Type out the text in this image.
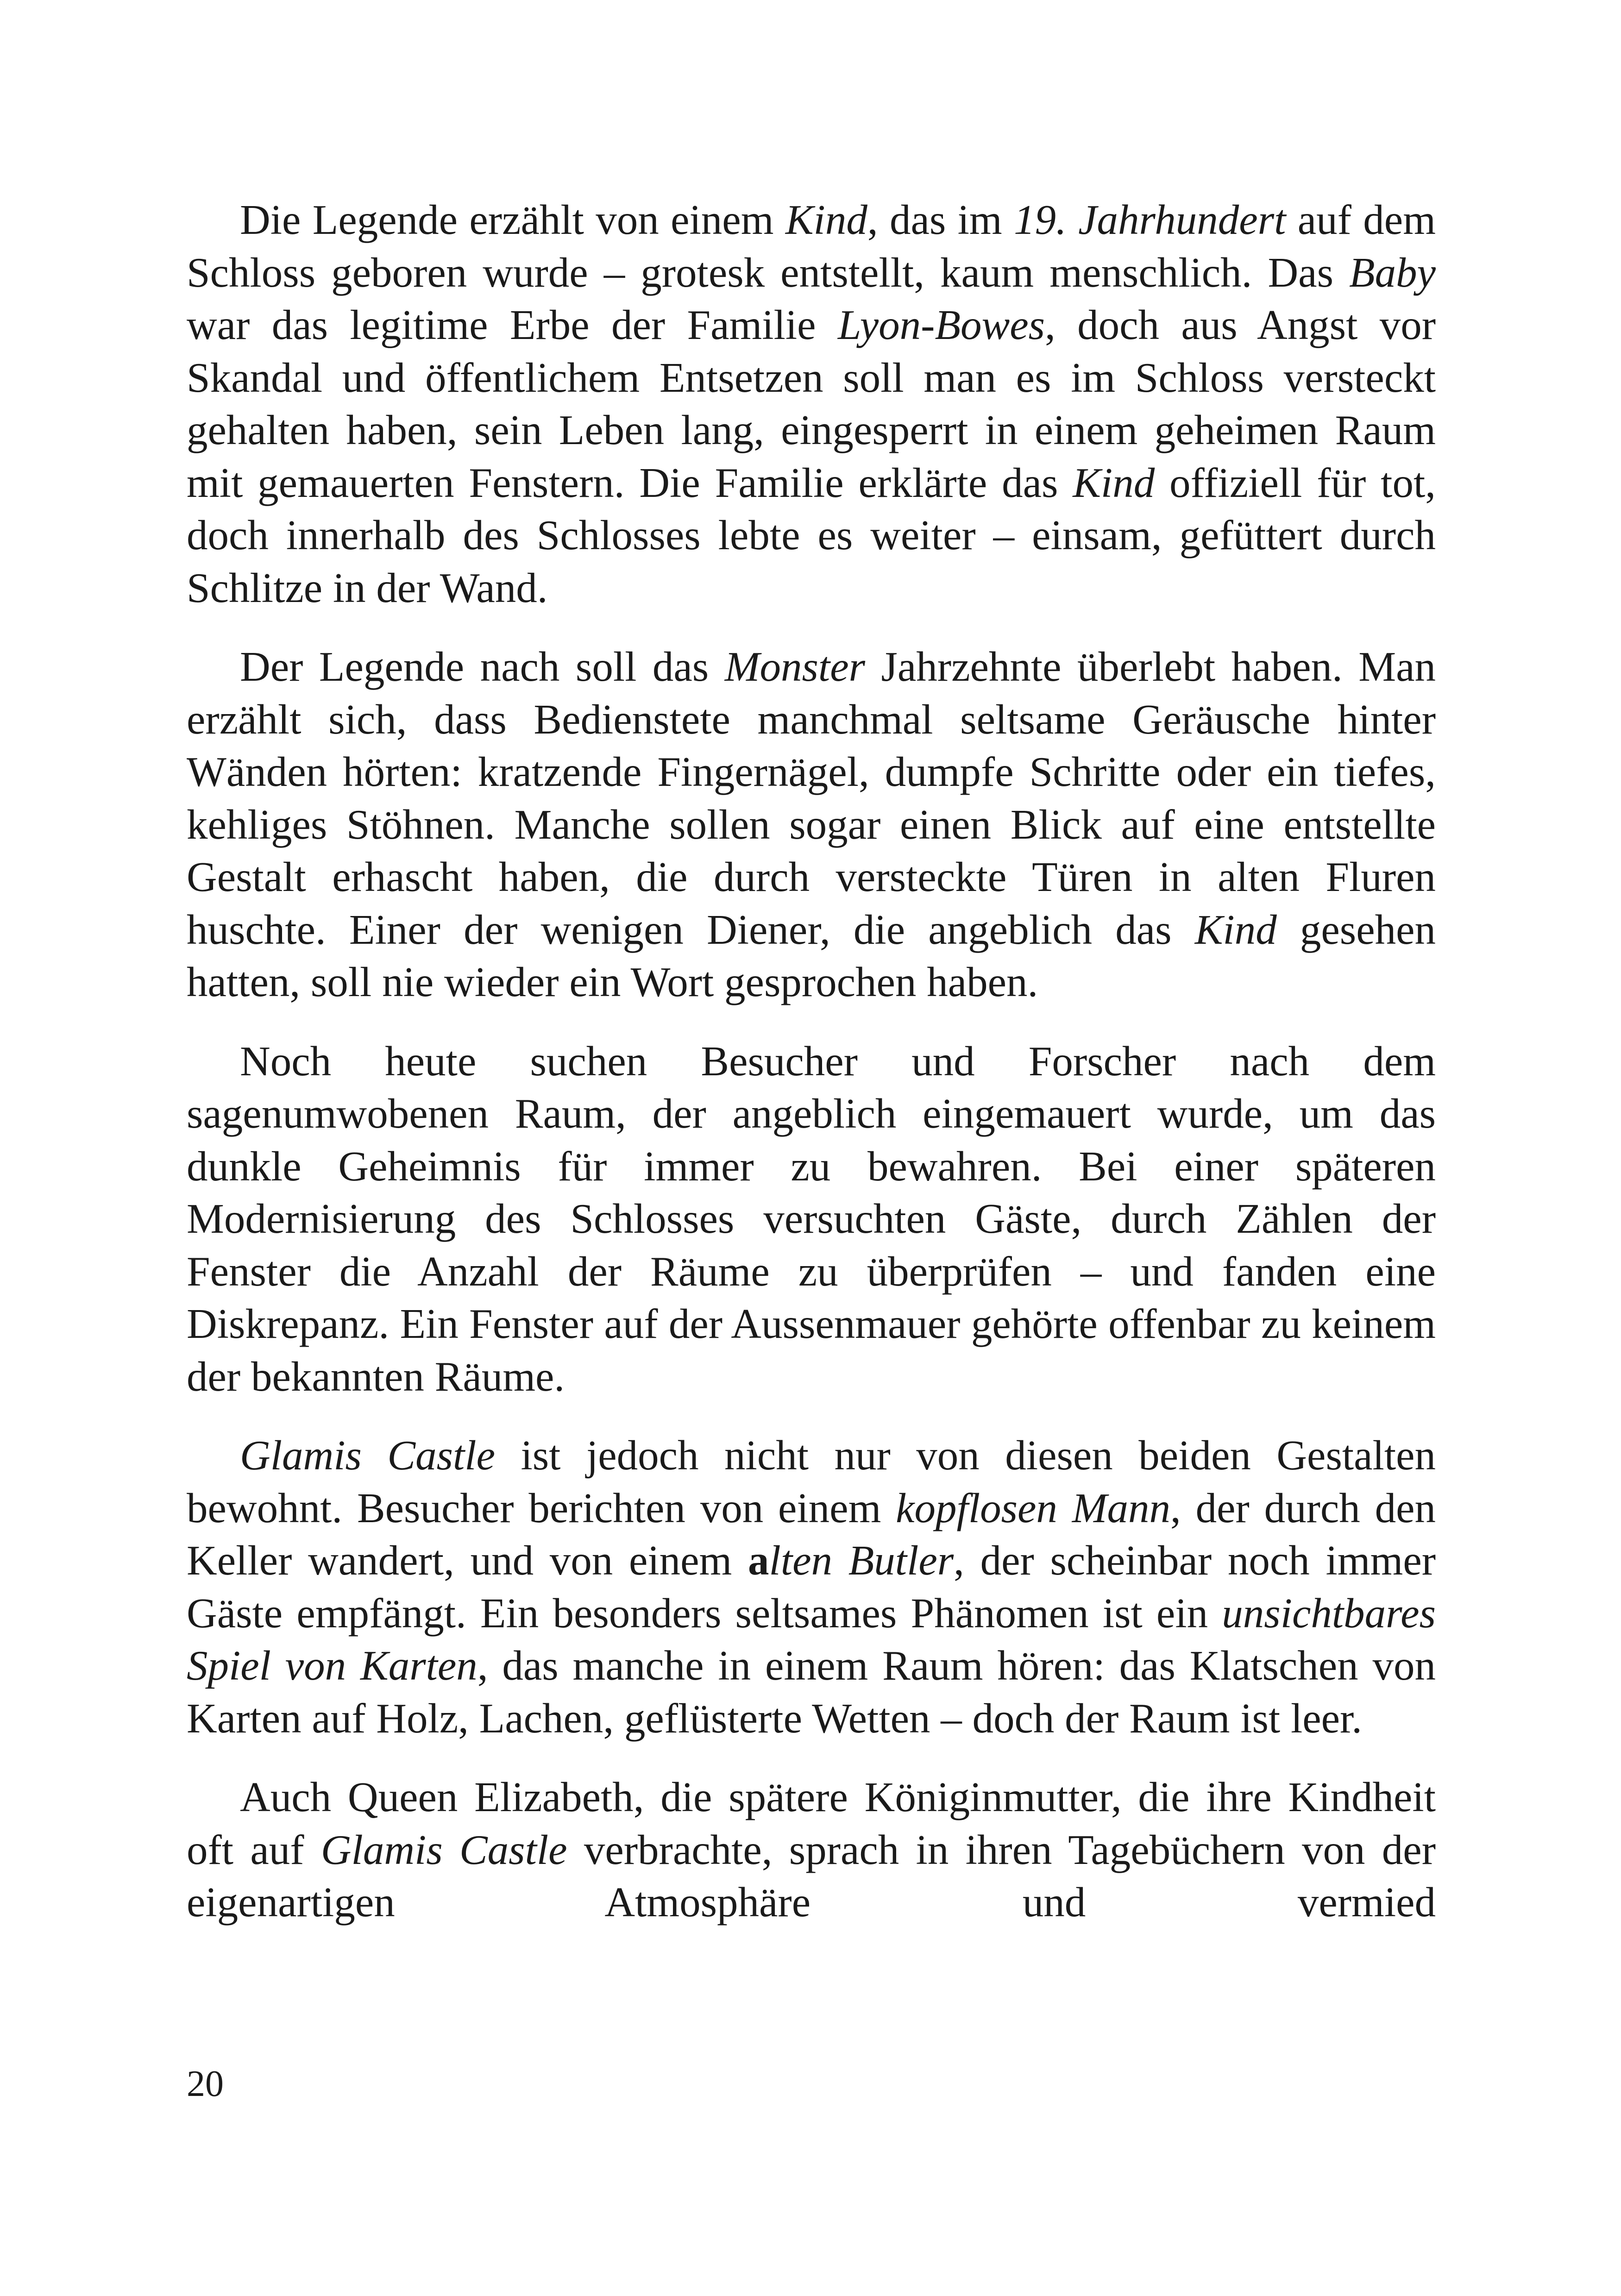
Die Legende erzählt von einem Kind, das im 19. Jahrhundert auf dem Schloss geboren wurde – grotesk entstellt, kaum menschlich. Das Baby war das legitime Erbe der Familie Lyon-Bowes, doch aus Angst vor Skandal und öffentlichem Entsetzen soll man es im Schloss versteckt gehalten haben, sein Leben lang, eingesperrt in einem geheimen Raum mit gemauerten Fenstern. Die Familie erklärte das Kind offiziell für tot, doch innerhalb des Schlosses lebte es weiter – einsam, gefüttert durch Schlitze in der Wand.

Der Legende nach soll das Monster Jahrzehnte überlebt haben. Man erzählt sich, dass Bedienstete manchmal seltsame Geräusche hinter Wänden hörten: kratzende Fingernägel, dumpfe Schritte oder ein tiefes, kehliges Stöhnen. Manche sollen sogar einen Blick auf eine entstellte Gestalt erhascht haben, die durch versteckte Türen in alten Fluren huschte. Einer der wenigen Diener, die angeblich das Kind gesehen hatten, soll nie wieder ein Wort gesprochen haben.

Noch heute suchen Besucher und Forscher nach dem sagenumwobenen Raum, der angeblich eingemauert wurde, um das dunkle Geheimnis für immer zu bewahren. Bei einer späteren Modernisierung des Schlosses versuchten Gäste, durch Zählen der Fenster die Anzahl der Räume zu überprüfen – und fanden eine Diskrepanz. Ein Fenster auf der Aussenmauer gehörte offenbar zu keinem der bekannten Räume.

Glamis Castle ist jedoch nicht nur von diesen beiden Gestalten bewohnt. Besucher berichten von einem kopflosen Mann, der durch den Keller wandert, und von einem alten Butler, der scheinbar noch immer Gäste empfängt. Ein besonders seltsames Phänomen ist ein unsichtbares Spiel von Karten, das manche in einem Raum hören: das Klatschen von Karten auf Holz, Lachen, geflüsterte Wetten – doch der Raum ist leer.

Auch Queen Elizabeth, die spätere Königinmutter, die ihre Kindheit oft auf Glamis Castle verbrachte, sprach in ihren Tagebüchern von der eigenartigen Atmosphäre und vermied

20
